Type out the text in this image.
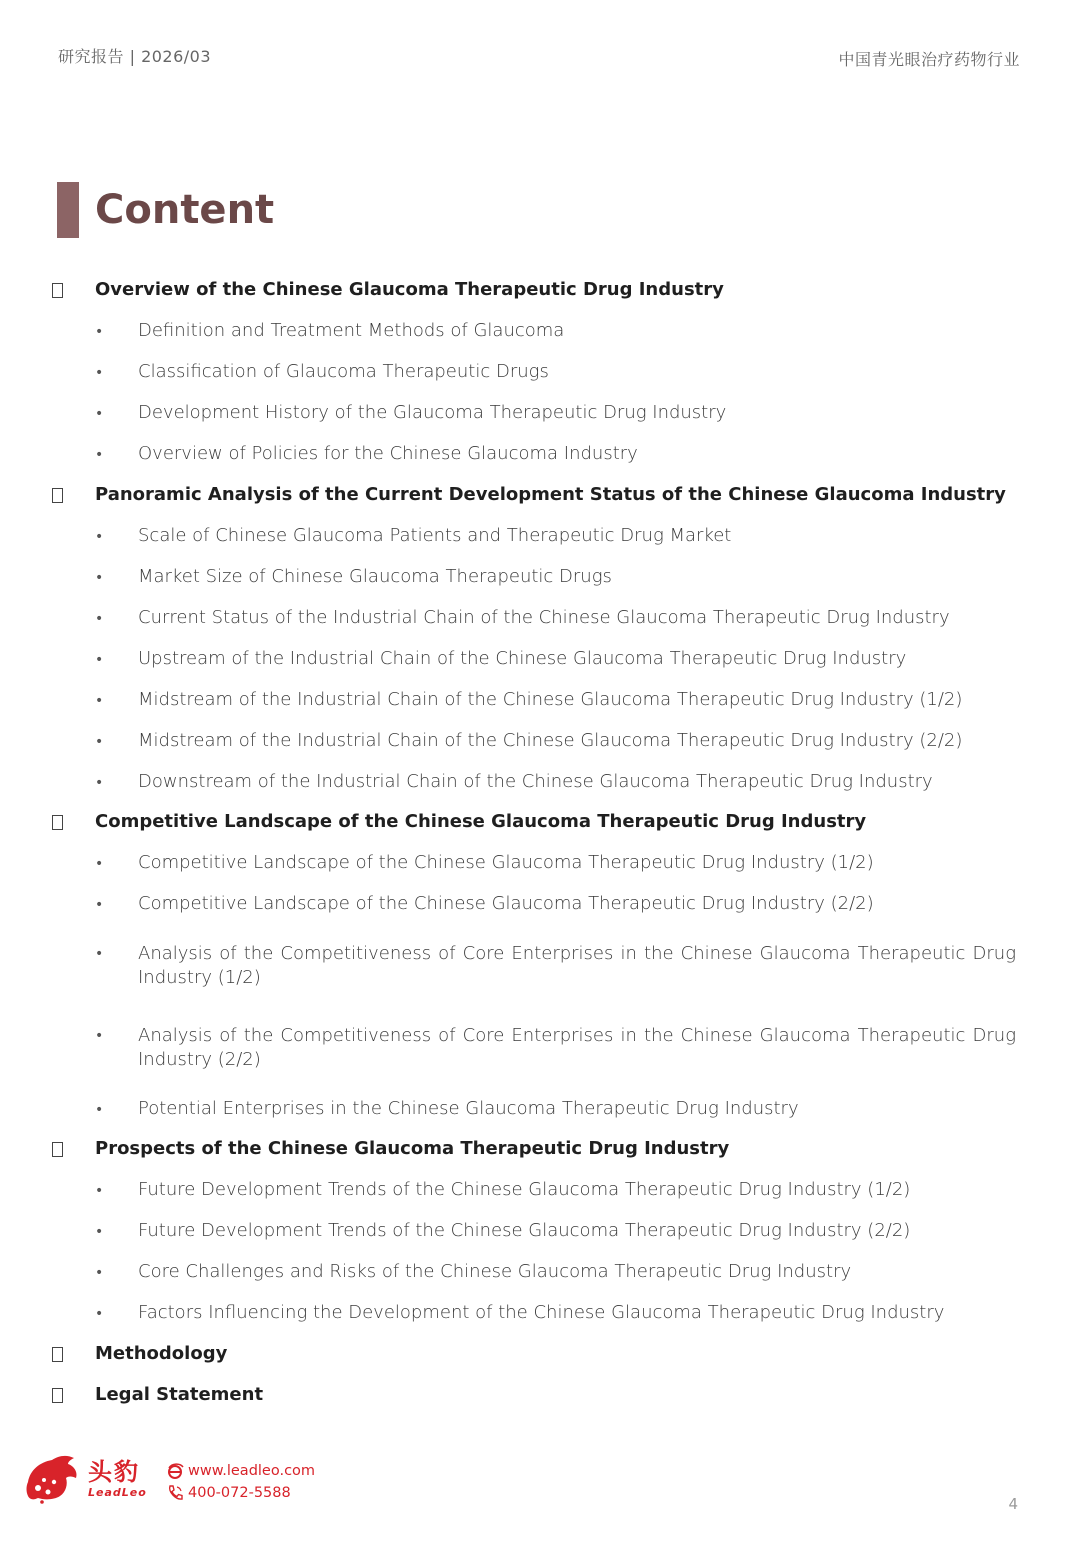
研究报告 | 2026/03	中国青光眼治疗药物行业
Content
Overview of the Chinese Glaucoma Therapeutic Drug Industry
• Definition and Treatment Methods of Glaucoma
• Classification of Glaucoma Therapeutic Drugs
• Development History of the Glaucoma Therapeutic Drug Industry
• Overview of Policies for the Chinese Glaucoma Industry
Panoramic Analysis of the Current Development Status of the Chinese Glaucoma Industry
• Scale of Chinese Glaucoma Patients and Therapeutic Drug Market
• Market Size of Chinese Glaucoma Therapeutic Drugs
• Current Status of the Industrial Chain of the Chinese Glaucoma Therapeutic Drug Industry
• Upstream of the Industrial Chain of the Chinese Glaucoma Therapeutic Drug Industry
• Midstream of the Industrial Chain of the Chinese Glaucoma Therapeutic Drug Industry (1/2)
• Midstream of the Industrial Chain of the Chinese Glaucoma Therapeutic Drug Industry (2/2)
• Downstream of the Industrial Chain of the Chinese Glaucoma Therapeutic Drug Industry
Competitive Landscape of the Chinese Glaucoma Therapeutic Drug Industry
• Competitive Landscape of the Chinese Glaucoma Therapeutic Drug Industry (1/2)
• Competitive Landscape of the Chinese Glaucoma Therapeutic Drug Industry (2/2)
• Analysis of the Competitiveness of Core Enterprises in the Chinese Glaucoma Therapeutic Drug
Industry (1/2)
• Analysis of the Competitiveness of Core Enterprises in the Chinese Glaucoma Therapeutic Drug
Industry (2/2)
• Potential Enterprises in the Chinese Glaucoma Therapeutic Drug Industry
Prospects of the Chinese Glaucoma Therapeutic Drug Industry
• Future Development Trends of the Chinese Glaucoma Therapeutic Drug Industry (1/2)
• Future Development Trends of the Chinese Glaucoma Therapeutic Drug Industry (2/2)
• Core Challenges and Risks of the Chinese Glaucoma Therapeutic Drug Industry
• Factors Influencing the Development of the Chinese Glaucoma Therapeutic Drug Industry
Methodology
Legal Statement
头豹
LeadLeo
www.leadleo.com
400-072-5588
4
